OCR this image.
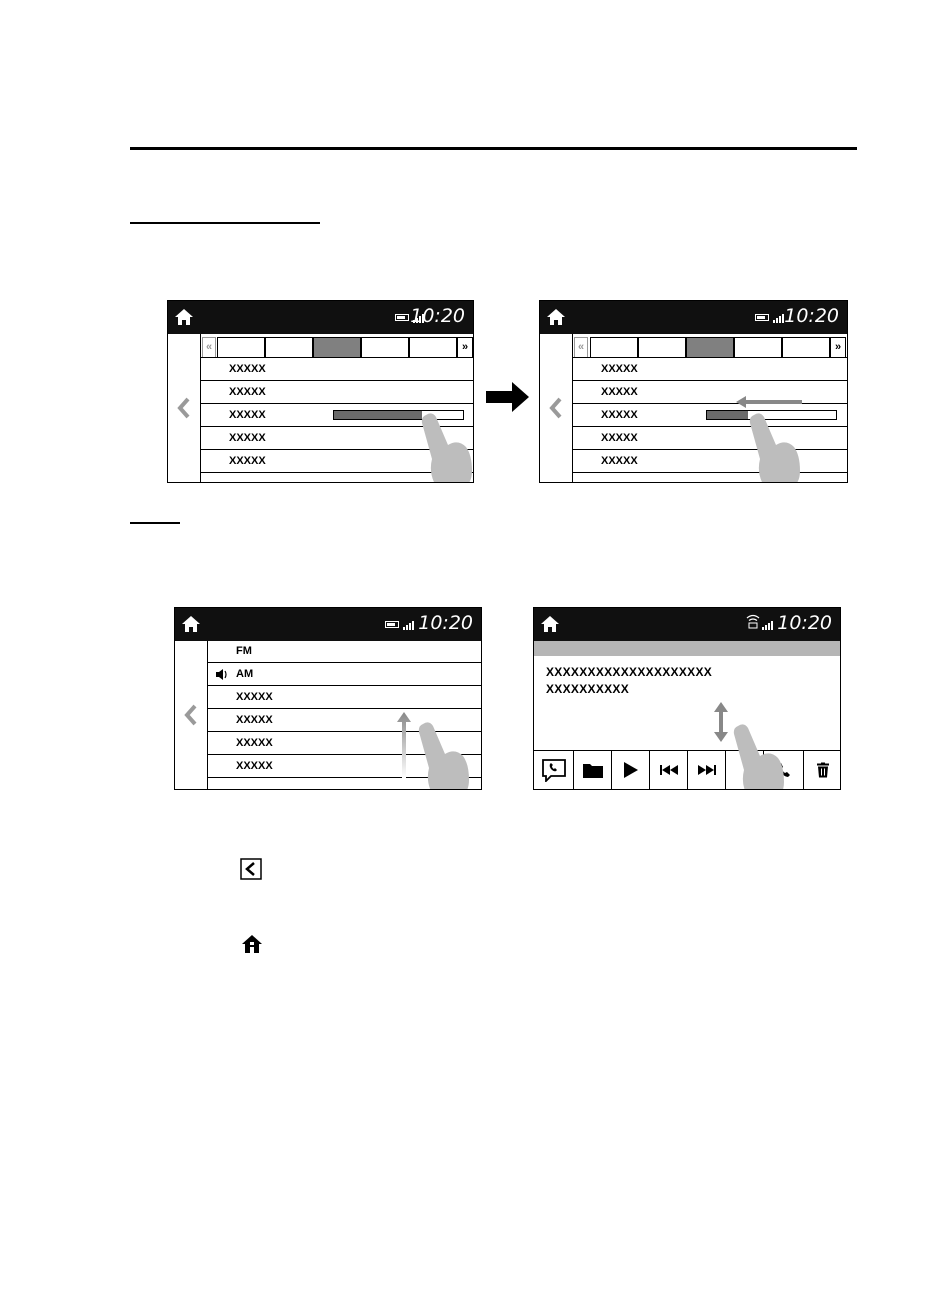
10:20
«	»
XXXXX
XXXXX
XXXXX
XXXXX
XXXXX
10:20
«	»
XXXXX
XXXXX
XXXXX
XXXXX
XXXXX
10:20
FM
AM
XXXXX
XXXXX
XXXXX
XXXXX
10:20
XXXXXXXXXXXXXXXXXXXX
XXXXXXXXXX
